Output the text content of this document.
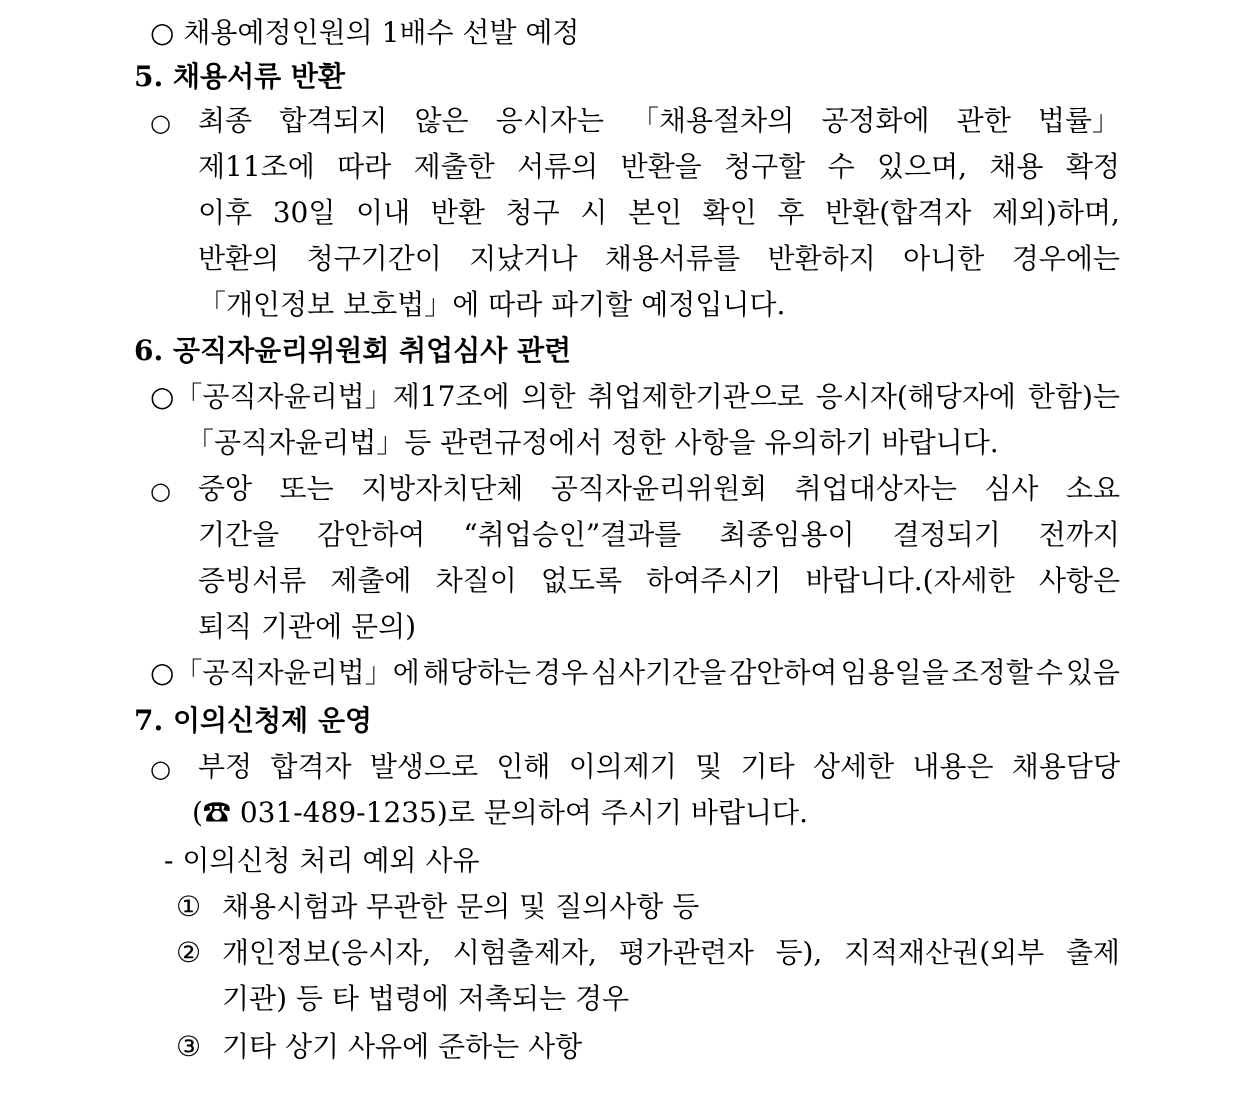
○ 채용예정인원의 1배수 선발 예정
5. 채용서류 반환
○ 최종 합격되지 않은 응시자는 「채용절차의 공정화에 관한 법률」
제11조에 따라 제출한 서류의 반환을 청구할 수 있으며, 채용 확정
이후 30일 이내 반환 청구 시 본인 확인 후 반환(합격자 제외)하며,
반환의 청구기간이 지났거나 채용서류를 반환하지 아니한 경우에는
「개인정보 보호법」에 따라 파기할 예정입니다.
6. 공직자윤리위원회 취업심사 관련
○「공직자윤리법」제17조에 의한 취업제한기관으로 응시자(해당자에 한함)는
「공직자윤리법」등 관련규정에서 정한 사항을 유의하기 바랍니다.
○ 중앙 또는 지방자치단체 공직자윤리위원회 취업대상자는 심사 소요
기간을 감안하여 “취업승인”결과를 최종임용이 결정되기 전까지
증빙서류 제출에 차질이 없도록 하여주시기 바랍니다.(자세한 사항은
퇴직 기관에 문의)
○「공직자윤리법」에 해당하는 경우 심사기간을 감안하여 임용일을 조정할 수 있음
7. 이의신청제 운영
○ 부정 합격자 발생으로 인해 이의제기 및 기타 상세한 내용은 채용담당
(☎ 031-489-1235)로 문의하여 주시기 바랍니다.
- 이의신청 처리 예외 사유
① 채용시험과 무관한 문의 및 질의사항 등
② 개인정보(응시자, 시험출제자, 평가관련자 등), 지적재산권(외부 출제
기관) 등 타 법령에 저촉되는 경우
③ 기타 상기 사유에 준하는 사항
